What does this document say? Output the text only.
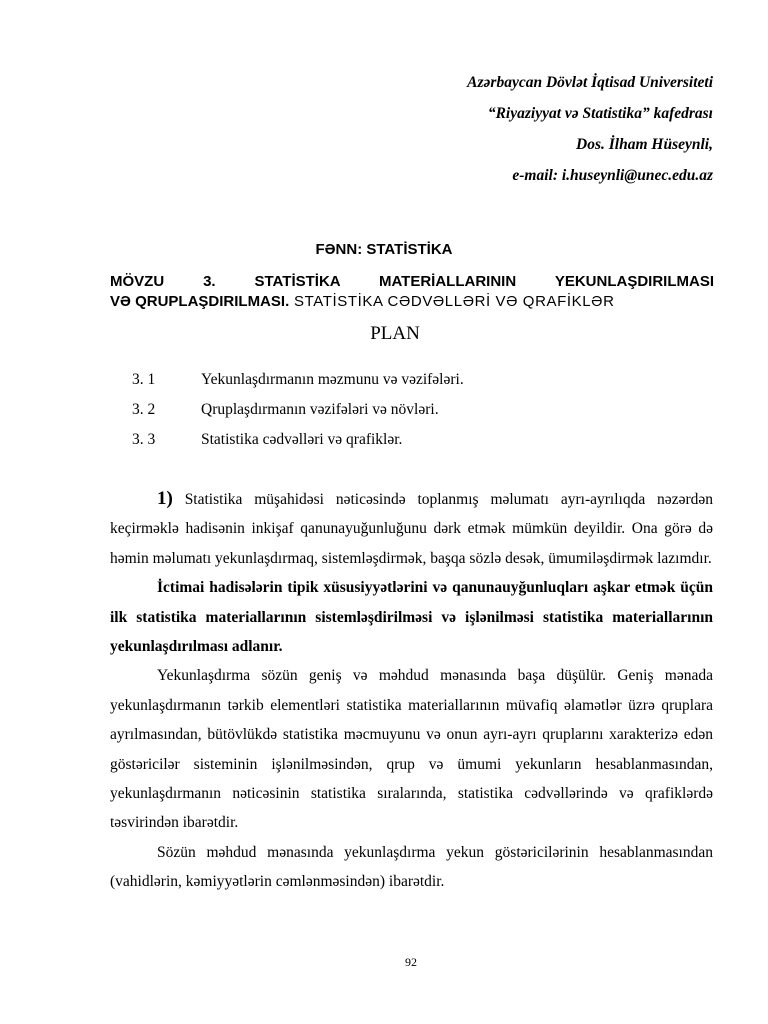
Azərbaycan Dövlət İqtisad Universiteti
“Riyaziyyat və Statistika” kafedrası
Dos. İlham Hüseynli,
e-mail: i.huseynli@unec.edu.az
FƏNN: STATİSTİKA
MÖVZU 3. STATİSTİKA MATERİALLARININ YEKUNLAŞDIRILMASI
VƏ QRUPLAŞDIRILMASI. STATİSTİKA CƏDVƏLLƏRİ VƏ QRAFİKLƏR
PLAN
3. 1	Yekunlaşdırmanın məzmunu və vəzifələri.
3. 2	Qruplaşdırmanın vəzifələri və növləri.
3. 3	Statistika cədvəlləri və qrafiklər.

1) Statistika müşahidəsi nəticəsində toplanmış məlumatı ayrı-ayrılıqda nəzərdən keçirməklə hadisənin inkişaf qanunayuğunluğunu dərk etmək mümkün deyildir. Ona görə də həmin məlumatı yekunlaşdırmaq, sistemləşdirmək, başqa sözlə desək, ümumiləşdirmək lazımdır.

İctimai hadisələrin tipik xüsusiyyətlərini və qanunauyğunluqları aşkar etmək üçün ilk statistika materiallarının sistemləşdirilməsi və işlənilməsi statistika materiallarının yekunlaşdırılması adlanır.

Yekunlaşdırma sözün geniş və məhdud mənasında başa düşülür. Geniş mənada yekunlaşdırmanın tərkib elementləri statistika materiallarının müvafiq əlamətlər üzrə qruplara ayrılmasından, bütövlükdə statistika məcmuyunu və onun ayrı-ayrı qruplarını xarakterizə edən göstəricilər sisteminin işlənilməsindən, qrup və ümumi yekunların hesablanmasından, yekunlaşdırmanın nəticəsinin statistika sıralarında, statistika cədvəllərində və qrafiklərdə təsvirindən ibarətdir.

Sözün məhdud mənasında yekunlaşdırma yekun göstəricilərinin hesablanmasından (vahidlərin, kəmiyyətlərin cəmlənməsindən) ibarətdir.

92
